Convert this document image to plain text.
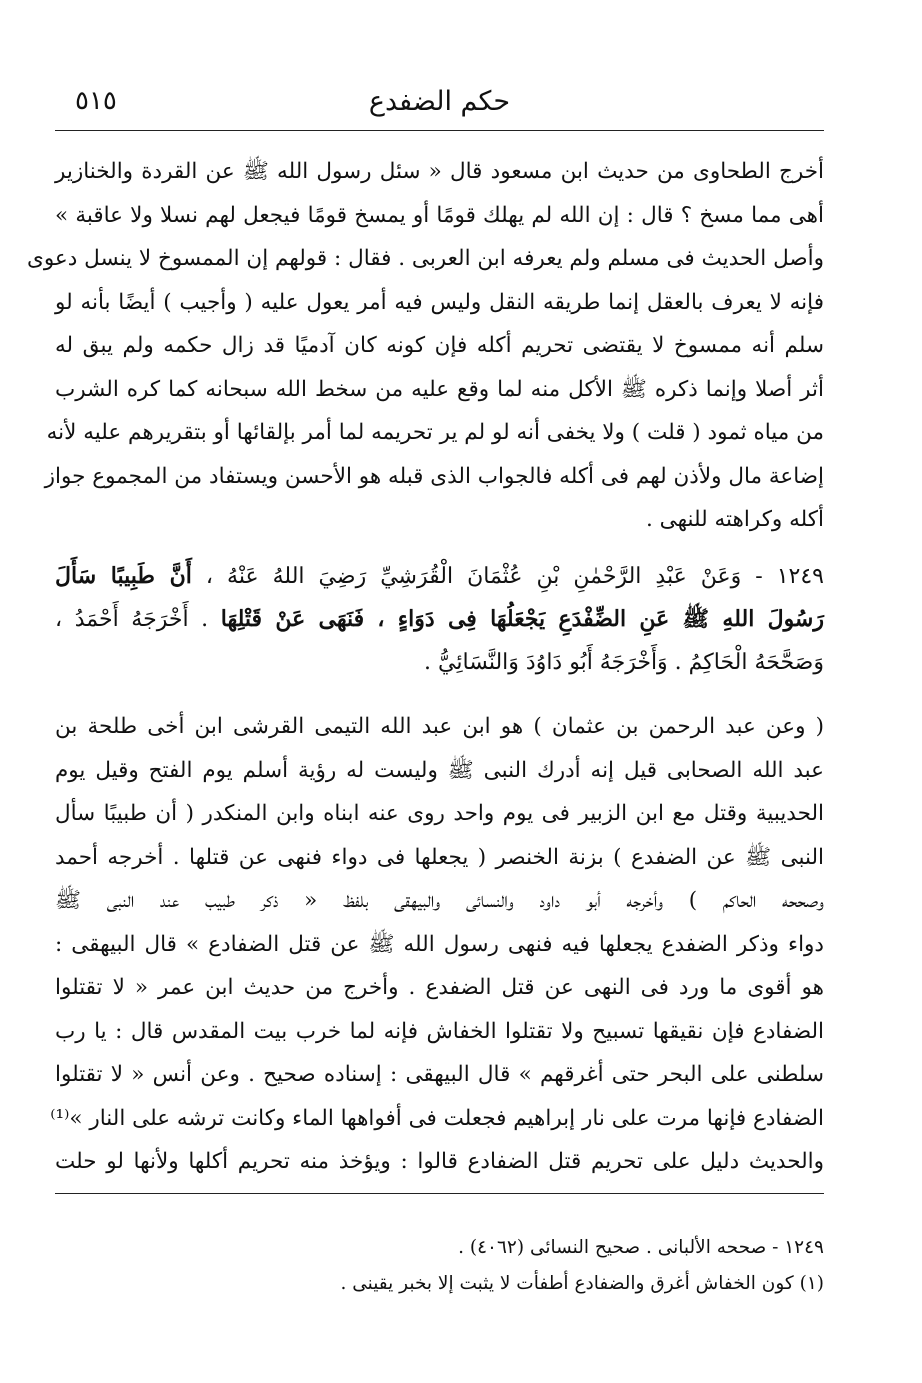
٥١٥	حكم الضفدع
أخرج الطحاوى من حديث ابن مسعود قال « سئل رسول الله ﷺ عن القردة والخنازير
أهى مما مسخ ؟ قال : إن الله لم يهلك قومًا أو يمسخ قومًا فيجعل لهم نسلا ولا عاقبة »
وأصل الحديث فى مسلم ولم يعرفه ابن العربى . فقال : قولهم إن الممسوخ لا ينسل دعوى
فإنه لا يعرف بالعقل إنما طريقه النقل وليس فيه أمر يعول عليه ( وأجيب ) أيضًا بأنه لو
سلم أنه ممسوخ لا يقتضى تحريم أكله فإن كونه كان آدميًا قد زال حكمه ولم يبق له
أثر أصلا وإنما ذكره ﷺ الأكل منه لما وقع عليه من سخط الله سبحانه كما كره الشرب
من مياه ثمود ( قلت ) ولا يخفى أنه لو لم ير تحريمه لما أمر بإلقائها أو بتقريرهم عليه لأنه
إضاعة مال ولأذن لهم فى أكله فالجواب الذى قبله هو الأحسن ويستفاد من المجموع جواز
أكله وكراهته للنهى .
١٢٤٩ - وَعَنْ عَبْدِ الرَّحْمٰنِ بْنِ عُثْمَانَ الْقُرَشِيِّ رَضِيَ اللهُ عَنْهُ ، أَنَّ طَبِيبًا سَأَلَ
رَسُولَ اللهِ ﷺ عَنِ الضِّفْدَعِ يَجْعَلُهَا فِى دَوَاءٍ ، فَنَهَى عَنْ قَتْلِهَا . أَخْرَجَهُ أَحْمَدُ ،
وَصَحَّحَهُ الْحَاكِمُ . وَأَخْرَجَهُ أَبُو دَاوُدَ وَالنَّسَائِيُّ .
( وعن عبد الرحمن بن عثمان ) هو ابن عبد الله التيمى القرشى ابن أخى طلحة بن
عبد الله الصحابى قيل إنه أدرك النبى ﷺ وليست له رؤية أسلم يوم الفتح وقيل يوم
الحديبية وقتل مع ابن الزبير فى يوم واحد روى عنه ابناه وابن المنكدر ( أن طبيبًا سأل
النبى ﷺ عن الضفدع ) بزنة الخنصر ( يجعلها فى دواء فنهى عن قتلها . أخرجه أحمد
وصححه الحاكم ) وأخرجه أبو داود والنسائى والبيهقى بلفظ « ذكر طبيب عند النبى ﷺ
دواء وذكر الضفدع يجعلها فيه فنهى رسول الله ﷺ عن قتل الضفادع » قال البيهقى :
هو أقوى ما ورد فى النهى عن قتل الضفدع . وأخرج من حديث ابن عمر « لا تقتلوا
الضفادع فإن نقيقها تسبيح ولا تقتلوا الخفاش فإنه لما خرب بيت المقدس قال : يا رب
سلطنى على البحر حتى أغرقهم » قال البيهقى : إسناده صحيح . وعن أنس « لا تقتلوا
الضفادع فإنها مرت على نار إبراهيم فجعلت فى أفواهها الماء وكانت ترشه على النار »⁽¹⁾
والحديث دليل على تحريم قتل الضفادع قالوا : ويؤخذ منه تحريم أكلها ولأنها لو حلت
١٢٤٩ - صححه الألبانى . صحيح النسائى (٤٠٦٢) .
(١) كون الخفاش أغرق والضفادع أطفأت لا يثبت إلا بخبر يقينى .
